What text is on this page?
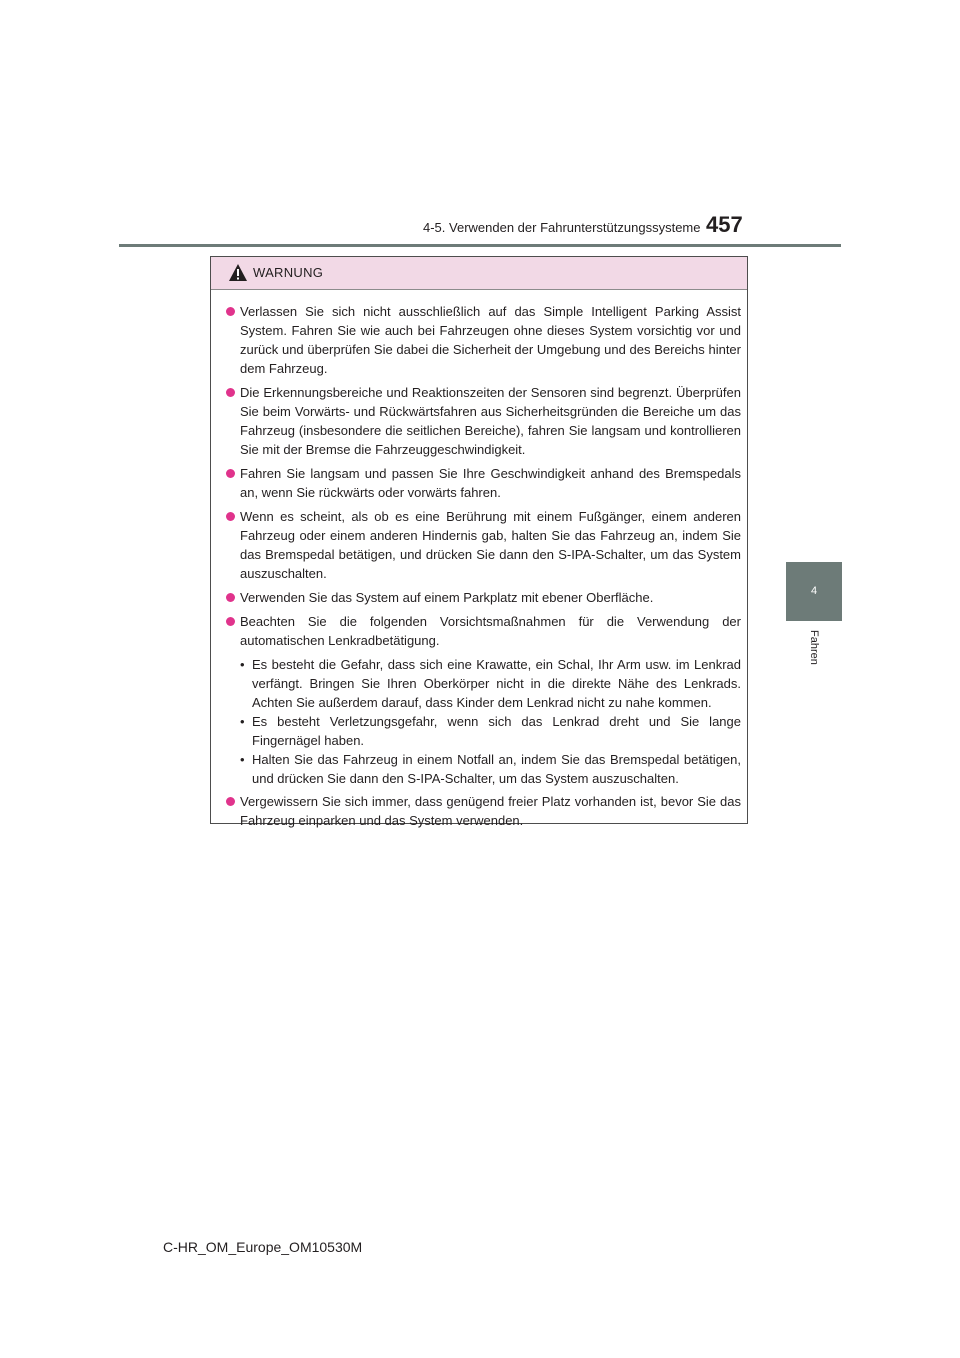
4-5. Verwenden der Fahrunterstützungssysteme 457
4
Fahren
WARNUNG

Verlassen Sie sich nicht ausschließlich auf das Simple Intelligent Parking Assist System. Fahren Sie wie auch bei Fahrzeugen ohne dieses System vorsichtig vor und zurück und überprüfen Sie dabei die Sicherheit der Umgebung und des Bereichs hinter dem Fahrzeug.

Die Erkennungsbereiche und Reaktionszeiten der Sensoren sind begrenzt. Überprüfen Sie beim Vorwärts- und Rückwärtsfahren aus Sicherheitsgründen die Bereiche um das Fahrzeug (insbesondere die seitlichen Bereiche), fahren Sie langsam und kontrollieren Sie mit der Bremse die Fahrzeuggeschwindigkeit.

Fahren Sie langsam und passen Sie Ihre Geschwindigkeit anhand des Bremspedals an, wenn Sie rückwärts oder vorwärts fahren.

Wenn es scheint, als ob es eine Berührung mit einem Fußgänger, einem anderen Fahrzeug oder einem anderen Hindernis gab, halten Sie das Fahrzeug an, indem Sie das Bremspedal betätigen, und drücken Sie dann den S-IPA-Schalter, um das System auszuschalten.

Verwenden Sie das System auf einem Parkplatz mit ebener Oberfläche.

Beachten Sie die folgenden Vorsichtsmaßnahmen für die Verwendung der automatischen Lenkradbetätigung.

• Es besteht die Gefahr, dass sich eine Krawatte, ein Schal, Ihr Arm usw. im Lenkrad verfängt. Bringen Sie Ihren Oberkörper nicht in die direkte Nähe des Lenkrads. Achten Sie außerdem darauf, dass Kinder dem Lenkrad nicht zu nahe kommen.
• Es besteht Verletzungsgefahr, wenn sich das Lenkrad dreht und Sie lange Fingernägel haben.
• Halten Sie das Fahrzeug in einem Notfall an, indem Sie das Bremspedal betätigen, und drücken Sie dann den S-IPA-Schalter, um das System auszuschalten.

Vergewissern Sie sich immer, dass genügend freier Platz vorhanden ist, bevor Sie das Fahrzeug einparken und das System verwenden.

C-HR_OM_Europe_OM10530M
